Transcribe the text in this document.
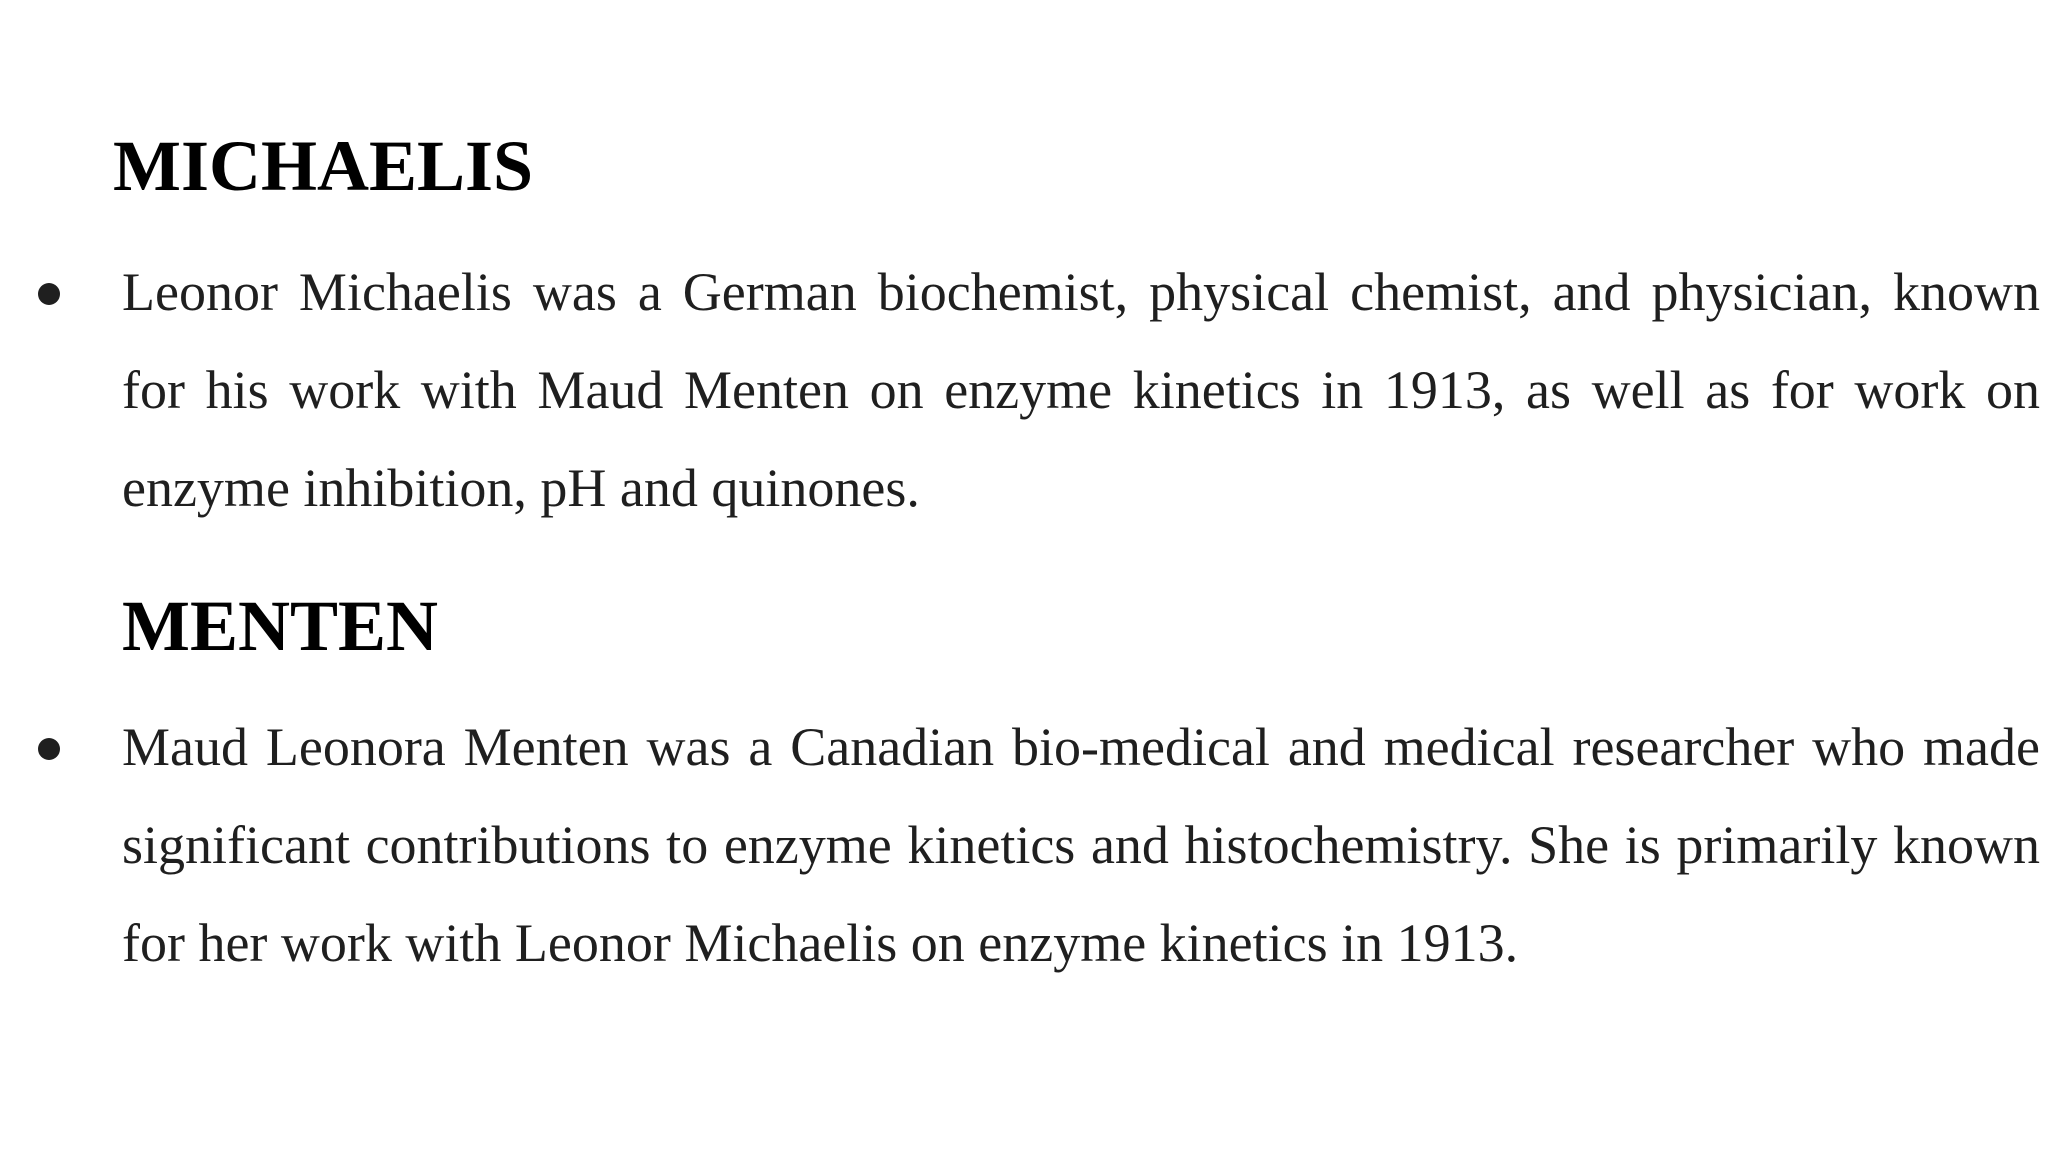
MICHAELIS

Leonor Michaelis was a German biochemist, physical chemist, and physician, known for his work with Maud Menten on enzyme kinetics in 1913, as well as for work on enzyme inhibition, pH and quinones.

MENTEN

Maud Leonora Menten was a Canadian bio-medical and medical researcher who made significant contributions to enzyme kinetics and histochemistry. She is primarily known for her work with Leonor Michaelis on enzyme kinetics in 1913.
